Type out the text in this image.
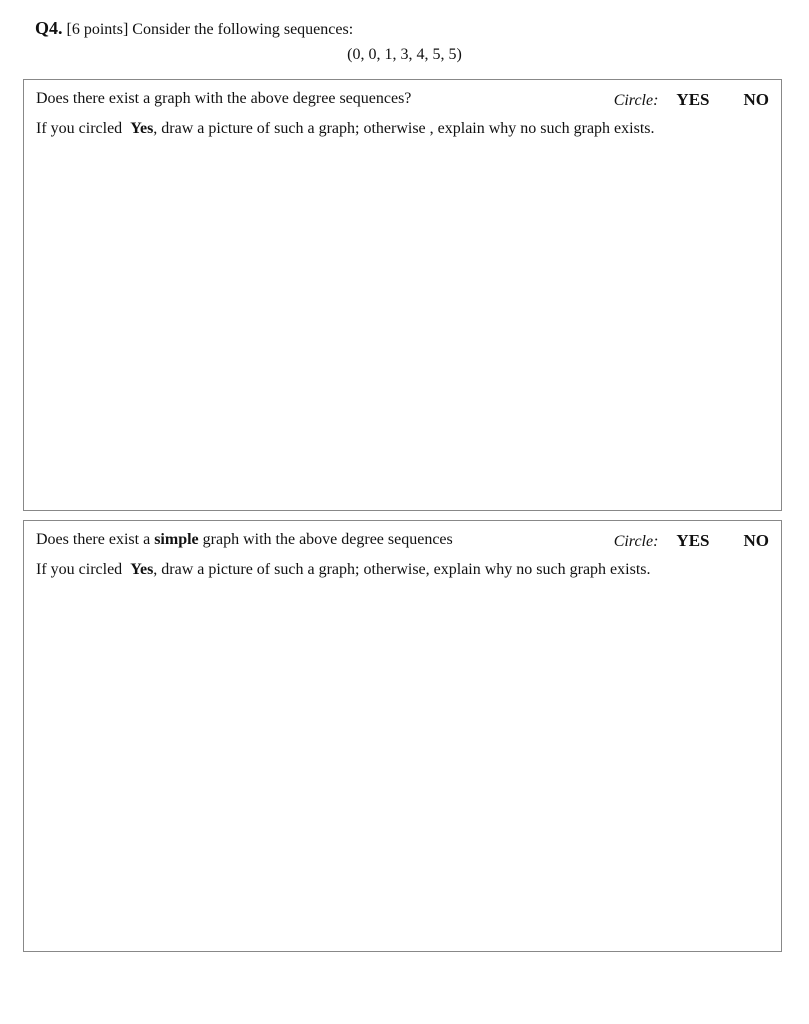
Q4. [6 points] Consider the following sequences:
(0, 0, 1, 3, 4, 5, 5)
Does there exist a graph with the above degree sequences?	Circle: YES NO
If you circled Yes, draw a picture of such a graph; otherwise , explain why no such graph exists.
Does there exist a simple graph with the above degree sequences	Circle: YES NO
If you circled Yes, draw a picture of such a graph; otherwise, explain why no such graph exists.
